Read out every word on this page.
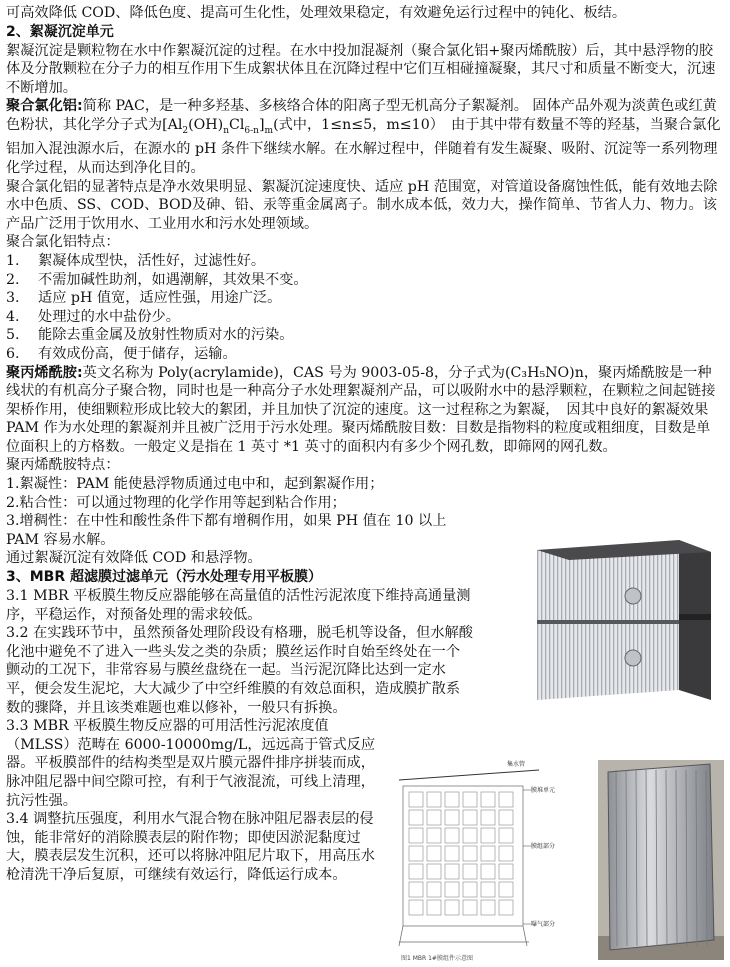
可高效降低 COD、降低色度、提高可生化性，处理效果稳定，有效避免运行过程中的钝化、板结。

2、絮凝沉淀单元

絮凝沉淀是颗粒物在水中作絮凝沉淀的过程。在水中投加混凝剂（聚合氯化铝+聚丙烯酰胺）后，其中悬浮物的胶体及分散颗粒在分子力的相互作用下生成絮状体且在沉降过程中它们互相碰撞凝聚，其尺寸和质量不断变大，沉速不断增加。

聚合氯化铝:简称 PAC，是一种多羟基、多核络合体的阳离子型无机高分子絮凝剂。 固体产品外观为淡黄色或红黄色粉状，其化学分子式为$[Al_2(OH)_nCl_{6-n}]_m$(式中，1≤n≤5，m≤10）　由于其中带有数量不等的羟基，当聚合氯化铝加入混浊源水后，在源水的 pH 条件下继续水解。在水解过程中，伴随着有发生凝聚、吸附、沉淀等一系列物理化学过程，从而达到净化目的。

聚合氯化铝的显著特点是净水效果明显、絮凝沉淀速度快、适应 pH 范围宽，对管道设备腐蚀性低，能有效地去除水中色质、SS、COD、BOD及砷、铅、汞等重金属离子。制水成本低，效力大，操作简单、节省人力、物力。该产品广泛用于饮用水、工业用水和污水处理领域。

聚合氯化铝特点：

1.	絮凝体成型快，活性好，过滤性好。
2.	不需加碱性助剂，如遇潮解，其效果不变。
3.	适应 pH 值宽，适应性强，用途广泛。
4.	处理过的水中盐份少。
5.	能除去重金属及放射性物质对水的污染。
6.	有效成份高，便于储存，运输。

聚丙烯酰胺:英文名称为 Poly(acrylamide)，CAS 号为 9003-05-8，分子式为(C₃H₅NO)n，聚丙烯酰胺是一种线状的有机高分子聚合物，同时也是一种高分子水处理絮凝剂产品，可以吸附水中的悬浮颗粒，在颗粒之间起链接架桥作用，使细颗粒形成比较大的絮团，并且加快了沉淀的速度。这一过程称之为絮凝，　因其中良好的絮凝效果 PAM 作为水处理的絮凝剂并且被广泛用于污水处理。聚丙烯酰胺目数：目数是指物料的粒度或粗细度，目数是单位面积上的方格数。一般定义是指在 1 英寸 *1 英寸的面积内有多少个网孔数，即筛网的网孔数。

聚丙烯酰胺特点：

1.絮凝性：PAM 能使悬浮物质通过电中和，起到絮凝作用；

2.粘合性：可以通过物理的化学作用等起到粘合作用；

3.增稠性：在中性和酸性条件下都有增稠作用，如果 PH 值在 10 以上 PAM 容易水解。

通过絮凝沉淀有效降低 COD 和悬浮物。

3、MBR 超滤膜过滤单元（污水处理专用平板膜）

3.1 MBR 平板膜生物反应器能够在高量值的活性污泥浓度下维持高通量测序，平稳运作，对预备处理的需求较低。

3.2 在实践环节中，虽然预备处理阶段设有格珊，脱毛机等设备，但水解酸化池中避免不了进入一些头发之类的杂质；膜丝运作时自始至终处在一个颤动的工况下，非常容易与膜丝盘绕在一起。当污泥沉降比达到一定水平，便会发生泥坨，大大减少了中空纤维膜的有效总面积，造成膜扩散系数的骤降，并且该类难题也难以修补，一般只有拆换。

3.3 MBR 平板膜生物反应器的可用活性污泥浓度值（MLSS）范畴在 6000-10000mg/L，远远高于管式反应器。平板膜部件的结构类型是双片膜元器件排序拼装而成，脉冲阻尼器中间空隙可控，有利于气液混流，可线上清理，抗污性强。

3.4 调整抗压强度，利用水气混合物在脉冲阻尼器表层的侵蚀，能非常好的消除膜表层的附作物；即使因淤泥黏度过大，膜表层发生沉积，还可以将脉冲阻尼片取下，用高压水枪清洗干净后复原，可继续有效运行，降低运行成本。

集水管
膜堆单元
膜组部分
曝气部分
图1 MBR 1#膜组件示意图
